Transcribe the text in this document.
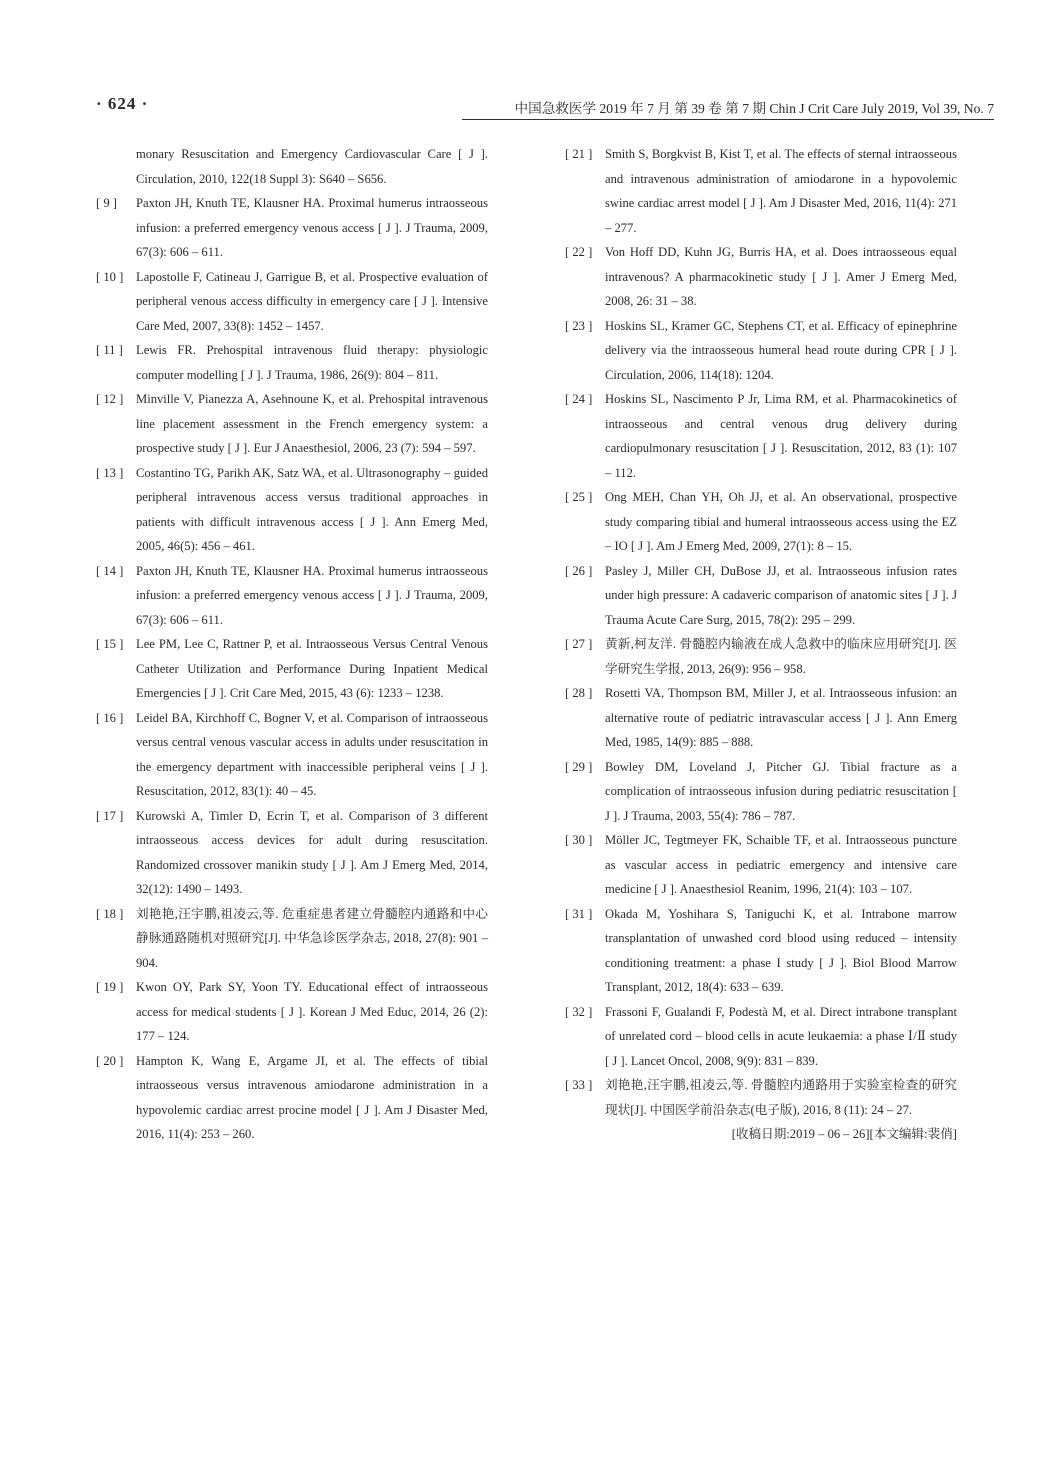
· 624 ·	中国急救医学 2019 年 7 月 第 39 卷 第 7 期 Chin J Crit Care July 2019, Vol 39, No. 7
monary Resuscitation and Emergency Cardiovascular Care [ J ]. Circulation, 2010, 122(18 Suppl 3): S640 – S656.
[ 9 ]	Paxton JH, Knuth TE, Klausner HA. Proximal humerus intraosseous infusion: a preferred emergency venous access [ J ]. J Trauma, 2009, 67(3): 606 – 611.
[ 10 ]	Lapostolle F, Catineau J, Garrigue B, et al. Prospective evaluation of peripheral venous access difficulty in emergency care [ J ]. Intensive Care Med, 2007, 33(8): 1452 – 1457.
[ 11 ]	Lewis FR. Prehospital intravenous fluid therapy: physiologic computer modelling [ J ]. J Trauma, 1986, 26(9): 804 – 811.
[ 12 ]	Minville V, Pianezza A, Asehnoune K, et al. Prehospital intravenous line placement assessment in the French emergency system: a prospective study [ J ]. Eur J Anaesthesiol, 2006, 23 (7): 594 – 597.
[ 13 ]	Costantino TG, Parikh AK, Satz WA, et al. Ultrasonography – guided peripheral intravenous access versus traditional approaches in patients with difficult intravenous access [ J ]. Ann Emerg Med, 2005, 46(5): 456 – 461.
[ 14 ]	Paxton JH, Knuth TE, Klausner HA. Proximal humerus intraosseous infusion: a preferred emergency venous access [ J ]. J Trauma, 2009, 67(3): 606 – 611.
[ 15 ]	Lee PM, Lee C, Rattner P, et al. Intraosseous Versus Central Venous Catheter Utilization and Performance During Inpatient Medical Emergencies [ J ]. Crit Care Med, 2015, 43 (6): 1233 – 1238.
[ 16 ]	Leidel BA, Kirchhoff C, Bogner V, et al. Comparison of intraosseous versus central venous vascular access in adults under resuscitation in the emergency department with inaccessible peripheral veins [ J ]. Resuscitation, 2012, 83(1): 40 – 45.
[ 17 ]	Kurowski A, Timler D, Ecrin T, et al. Comparison of 3 different intraosseous access devices for adult during resuscitation. Randomized crossover manikin study [ J ]. Am J Emerg Med, 2014, 32(12): 1490 – 1493.
[ 18 ]	刘艳艳,汪宇鹏,祖凌云,等. 危重症患者建立骨髓腔内通路和中心静脉通路随机对照研究[J]. 中华急诊医学杂志, 2018, 27(8): 901 – 904.
[ 19 ]	Kwon OY, Park SY, Yoon TY. Educational effect of intraosseous access for medical students [ J ]. Korean J Med Educ, 2014, 26 (2): 177 – 124.
[ 20 ]	Hampton K, Wang E, Argame JI, et al. The effects of tibial intraosseous versus intravenous amiodarone administration in a hypovolemic cardiac arrest procine model [ J ]. Am J Disaster Med, 2016, 11(4): 253 – 260.
[ 21 ]	Smith S, Borgkvist B, Kist T, et al. The effects of sternal intraosseous and intravenous administration of amiodarone in a hypovolemic swine cardiac arrest model [ J ]. Am J Disaster Med, 2016, 11(4): 271 – 277.
[ 22 ]	Von Hoff DD, Kuhn JG, Burris HA, et al. Does intraosseous equal intravenous? A pharmacokinetic study [ J ]. Amer J Emerg Med, 2008, 26: 31 – 38.
[ 23 ]	Hoskins SL, Kramer GC, Stephens CT, et al. Efficacy of epinephrine delivery via the intraosseous humeral head route during CPR [ J ]. Circulation, 2006, 114(18): 1204.
[ 24 ]	Hoskins SL, Nascimento P Jr, Lima RM, et al. Pharmacokinetics of intraosseous and central venous drug delivery during cardiopulmonary resuscitation [ J ]. Resuscitation, 2012, 83 (1): 107 – 112.
[ 25 ]	Ong MEH, Chan YH, Oh JJ, et al. An observational, prospective study comparing tibial and humeral intraosseous access using the EZ – IO [ J ]. Am J Emerg Med, 2009, 27(1): 8 – 15.
[ 26 ]	Pasley J, Miller CH, DuBose JJ, et al. Intraosseous infusion rates under high pressure: A cadaveric comparison of anatomic sites [ J ]. J Trauma Acute Care Surg, 2015, 78(2): 295 – 299.
[ 27 ]	黄新,柯友洋. 骨髓腔内输液在成人急救中的临床应用研究[J]. 医学研究生学报, 2013, 26(9): 956 – 958.
[ 28 ]	Rosetti VA, Thompson BM, Miller J, et al. Intraosseous infusion: an alternative route of pediatric intravascular access [ J ]. Ann Emerg Med, 1985, 14(9): 885 – 888.
[ 29 ]	Bowley DM, Loveland J, Pitcher GJ. Tibial fracture as a complication of intraosseous infusion during pediatric resuscitation [ J ]. J Trauma, 2003, 55(4): 786 – 787.
[ 30 ]	Möller JC, Tegtmeyer FK, Schaible TF, et al. Intraosseous puncture as vascular access in pediatric emergency and intensive care medicine [ J ]. Anaesthesiol Reanim, 1996, 21(4): 103 – 107.
[ 31 ]	Okada M, Yoshihara S, Taniguchi K, et al. Intrabone marrow transplantation of unwashed cord blood using reduced – intensity conditioning treatment: a phase I study [ J ]. Biol Blood Marrow Transplant, 2012, 18(4): 633 – 639.
[ 32 ]	Frassoni F, Gualandi F, Podestà M, et al. Direct intrabone transplant of unrelated cord – blood cells in acute leukaemia: a phase Ⅰ/Ⅱ study [ J ]. Lancet Oncol, 2008, 9(9): 831 – 839.
[ 33 ]	刘艳艳,汪宇鹏,祖凌云,等. 骨髓腔内通路用于实验室检查的研究现状[J]. 中国医学前沿杂志(电子版), 2016, 8 (11): 24 – 27.
[收稿日期:2019 – 06 – 26][本文编辑:裴俏]
